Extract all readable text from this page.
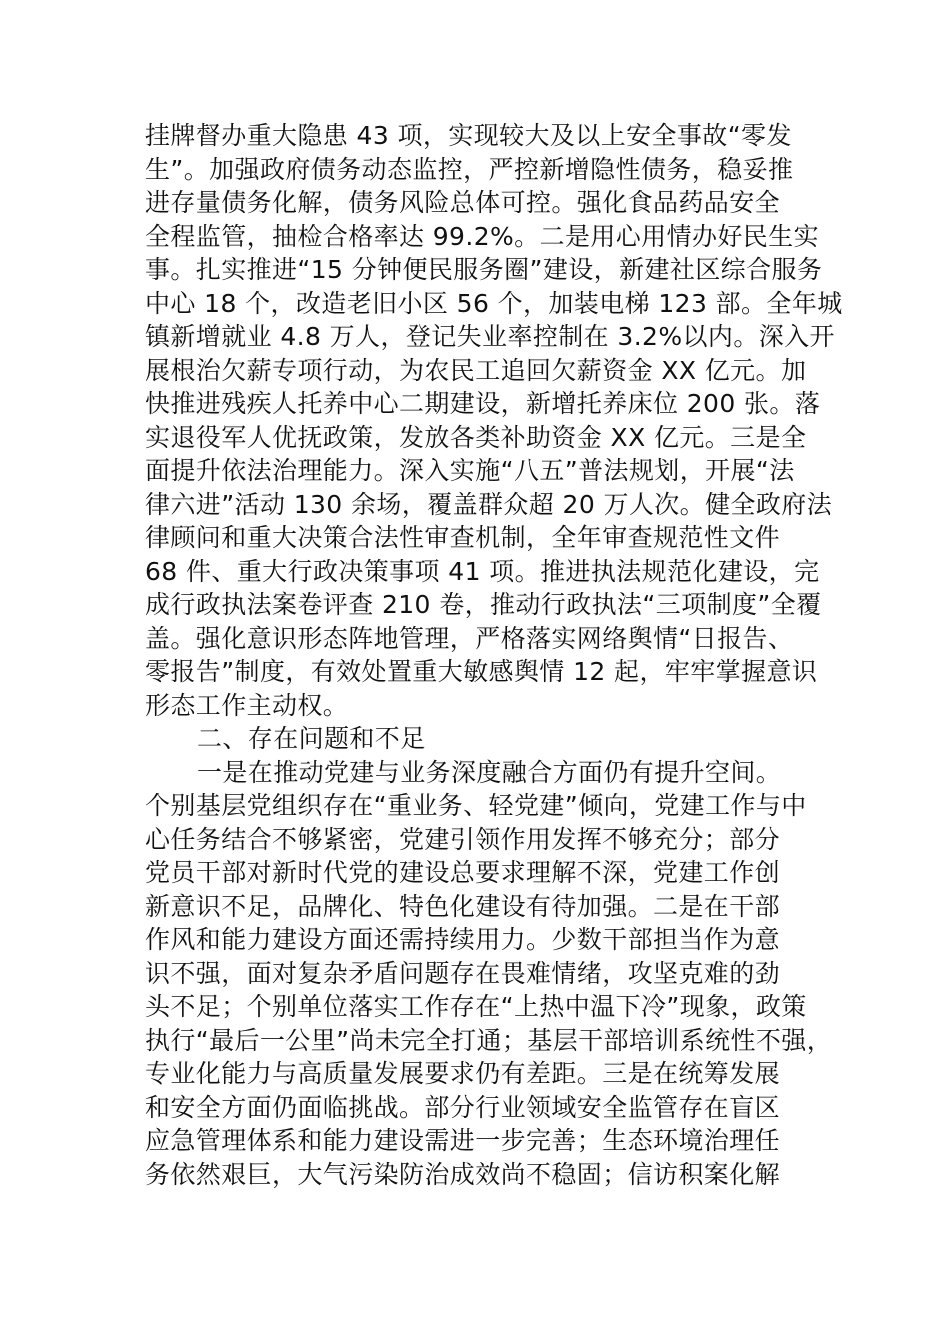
挂牌督办重大隐患 43 项，实现较大及以上安全事故“零发
生”。加强政府债务动态监控，严控新增隐性债务，稳妥推
进存量债务化解，债务风险总体可控。强化食品药品安全
全程监管，抽检合格率达 99.2%。二是用心用情办好民生实
事。扎实推进“15 分钟便民服务圈”建设，新建社区综合服务
中心 18 个，改造老旧小区 56 个，加装电梯 123 部。全年城
镇新增就业 4.8 万人，登记失业率控制在 3.2%以内。深入开
展根治欠薪专项行动，为农民工追回欠薪资金 XX 亿元。加
快推进残疾人托养中心二期建设，新增托养床位 200 张。落
实退役军人优抚政策，发放各类补助资金 XX 亿元。三是全
面提升依法治理能力。深入实施“八五”普法规划，开展“法
律六进”活动 130 余场，覆盖群众超 20 万人次。健全政府法
律顾问和重大决策合法性审查机制，全年审查规范性文件
68 件、重大行政决策事项 41 项。推进执法规范化建设，完
成行政执法案卷评查 210 卷，推动行政执法“三项制度”全覆
盖。强化意识形态阵地管理，严格落实网络舆情“日报告、
零报告”制度，有效处置重大敏感舆情 12 起，牢牢掌握意识
形态工作主动权。
二、存在问题和不足
一是在推动党建与业务深度融合方面仍有提升空间。
个别基层党组织存在“重业务、轻党建”倾向，党建工作与中
心任务结合不够紧密，党建引领作用发挥不够充分；部分
党员干部对新时代党的建设总要求理解不深，党建工作创
新意识不足，品牌化、特色化建设有待加强。二是在干部
作风和能力建设方面还需持续用力。少数干部担当作为意
识不强，面对复杂矛盾问题存在畏难情绪，攻坚克难的劲
头不足；个别单位落实工作存在“上热中温下冷”现象，政策
执行“最后一公里”尚未完全打通；基层干部培训系统性不强，
专业化能力与高质量发展要求仍有差距。三是在统筹发展
和安全方面仍面临挑战。部分行业领域安全监管存在盲区
应急管理体系和能力建设需进一步完善；生态环境治理任
务依然艰巨，大气污染防治成效尚不稳固；信访积案化解
